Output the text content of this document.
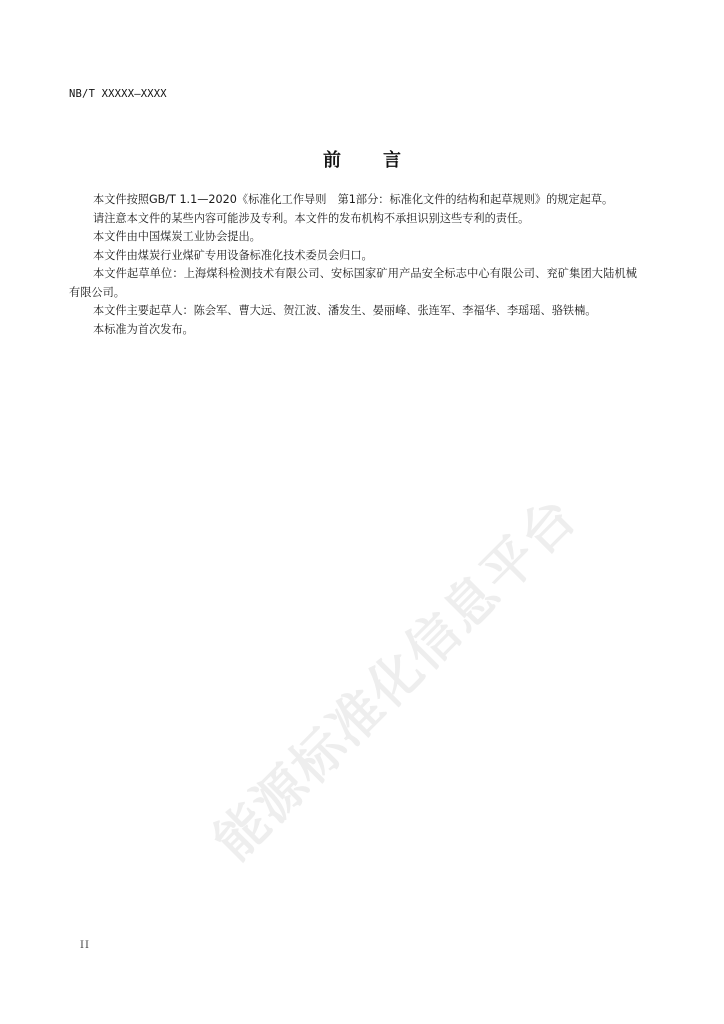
NB/T XXXXX—XXXX
前言

本文件按照GB/T 1.1—2020《标准化工作导则　第1部分：标准化文件的结构和起草规则》的规定起草。

请注意本文件的某些内容可能涉及专利。本文件的发布机构不承担识别这些专利的责任。

本文件由中国煤炭工业协会提出。

本文件由煤炭行业煤矿专用设备标准化技术委员会归口。

本文件起草单位：上海煤科检测技术有限公司、安标国家矿用产品安全标志中心有限公司、兖矿集团大陆机械有限公司。

本文件主要起草人：陈会军、曹大远、贺江波、潘发生、晏丽峰、张连军、李福华、李瑶瑶、骆铁楠。

本标准为首次发布。

能源标准化信息平台
II
